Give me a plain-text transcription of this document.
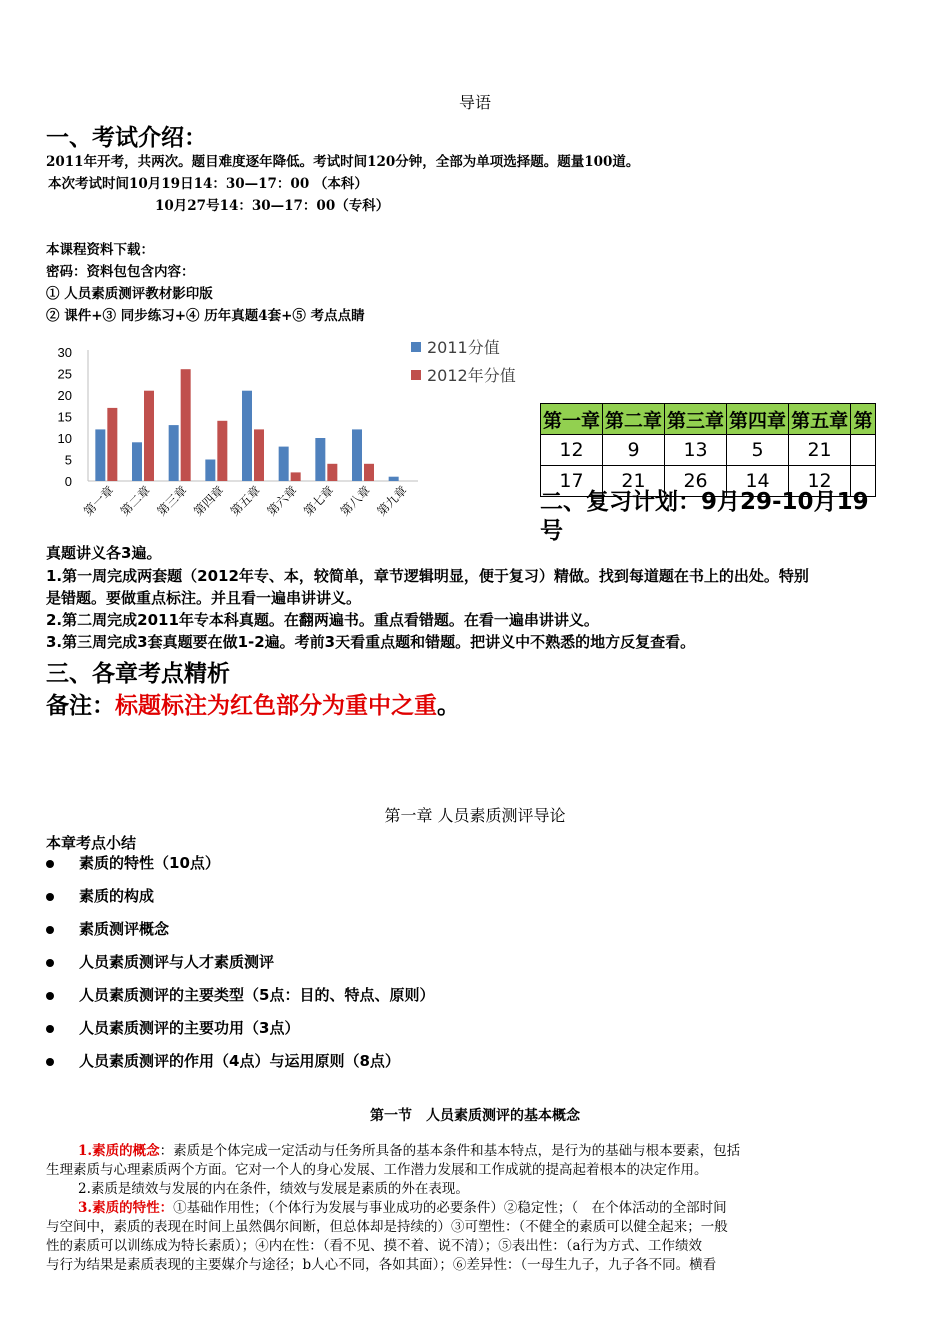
导语
一、考试介绍：
2011年开考，共两次。题目难度逐年降低。考试时间120分钟，全部为单项选择题。题量100道。
本次考试时间10月19日14：30—17：00 （本科）
10月27号14：30—17：00（专科）
本课程资料下载：
密码：资料包包含内容：
① 人员素质测评教材影印版
② 课件+③ 同步练习+④ 历年真题4套+⑤ 考点点睛
0
5
10
15
20
25
30
第一章 第二章 第三章 第四章 第五章 第六章 第七章 第八章 第九章
2011分值
2012年分值
第一章	第二章	第三章	第四章	第五章	第
12	9	13	5	21	
17	21	26	14	12	
二、复习计划：9月29-10月19
号
真题讲义各3遍。
1.第一周完成两套题（2012年专、本，较简单，章节逻辑明显，便于复习）精做。找到每道题在书上的出处。特别
是错题。要做重点标注。并且看一遍串讲讲义。
2.第二周完成2011年专本科真题。在翻两遍书。重点看错题。在看一遍串讲讲义。
3.第三周完成3套真题要在做1-2遍。考前3天看重点题和错题。把讲义中不熟悉的地方反复查看。
三、各章考点精析
备注：标题标注为红色部分为重中之重。
第一章 人员素质测评导论
本章考点小结
素质的特性（10点）
素质的构成
素质测评概念
人员素质测评与人才素质测评
人员素质测评的主要类型（5点：目的、特点、原则）
人员素质测评的主要功用（3点）
人员素质测评的作用（4点）与运用原则（8点）
第一节　人员素质测评的基本概念
1.素质的概念：素质是个体完成一定活动与任务所具备的基本条件和基本特点，是行为的基础与根本要素，包括
生理素质与心理素质两个方面。它对一个人的身心发展、工作潜力发展和工作成就的提高起着根本的决定作用。
2.素质是绩效与发展的内在条件，绩效与发展是素质的外在表现。
3.素质的特性：①基础作用性；（个体行为发展与事业成功的必要条件）②稳定性；（　在个体活动的全部时间
与空间中，素质的表现在时间上虽然偶尔间断，但总体却是持续的）③可塑性：（不健全的素质可以健全起来；一般
性的素质可以训练成为特长素质）；④内在性：（看不见、摸不着、说不清）；⑤表出性：（a行为方式、工作绩效
与行为结果是素质表现的主要媒介与途径；b人心不同，各如其面）；⑥差异性：（一母生九子，九子各不同。横看
